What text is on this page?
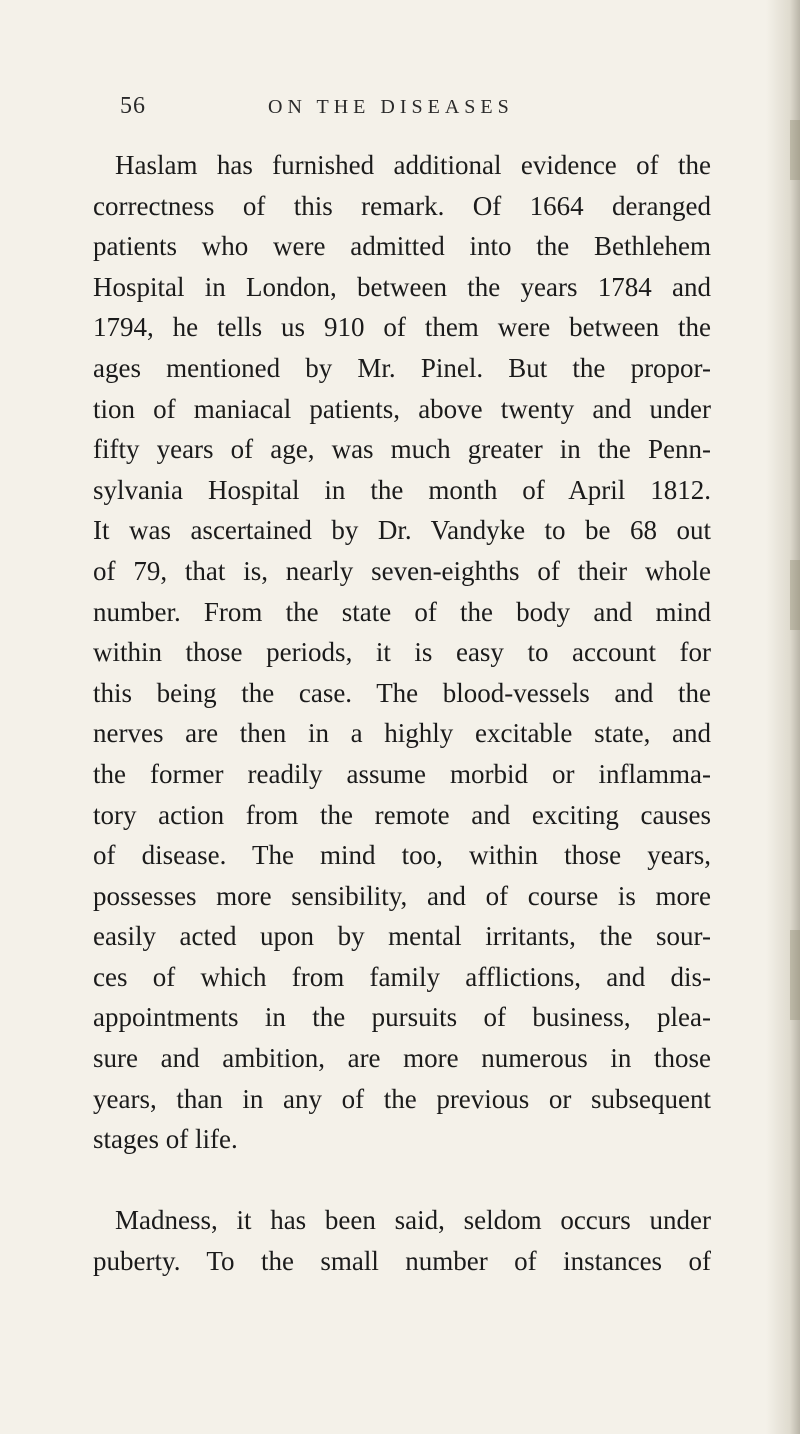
56	ON THE DISEASES
Haslam has furnished additional evidence of the
correctness of this remark. Of 1664 deranged
patients who were admitted into the Bethlehem
Hospital in London, between the years 1784 and
1794, he tells us 910 of them were between the
ages mentioned by Mr. Pinel. But the propor-
tion of maniacal patients, above twenty and under
fifty years of age, was much greater in the Penn-
sylvania Hospital in the month of April 1812.
It was ascertained by Dr. Vandyke to be 68 out
of 79, that is, nearly seven-eighths of their whole
number. From the state of the body and mind
within those periods, it is easy to account for
this being the case. The blood-vessels and the
nerves are then in a highly excitable state, and
the former readily assume morbid or inflamma-
tory action from the remote and exciting causes
of disease. The mind too, within those years,
possesses more sensibility, and of course is more
easily acted upon by mental irritants, the sour-
ces of which from family afflictions, and dis-
appointments in the pursuits of business, plea-
sure and ambition, are more numerous in those
years, than in any of the previous or subsequent
stages of life.
Madness, it has been said, seldom occurs under
puberty. To the small number of instances of
